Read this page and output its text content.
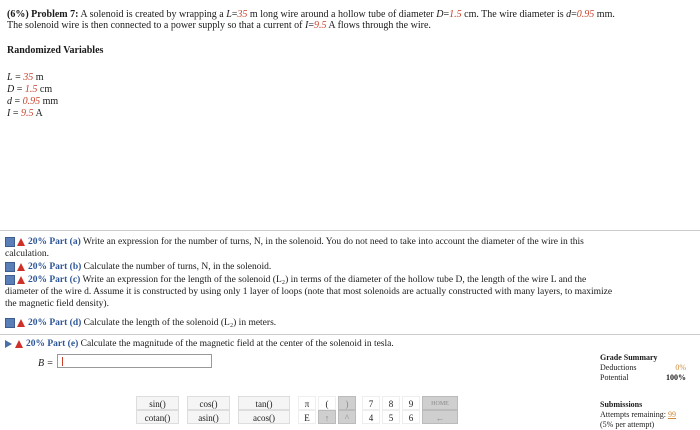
(6%) Problem 7: A solenoid is created by wrapping a L=35 m long wire around a hollow tube of diameter D=1.5 cm. The wire diameter is d=0.95 mm.
The solenoid wire is then connected to a power supply so that a current of I=9.5 A flows through the wire.
Randomized Variables
L = 35 m
D = 1.5 cm
d = 0.95 mm
I = 9.5 A
20% Part (a) Write an expression for the number of turns, N, in the solenoid. You do not need to take into account the diameter of the wire in this
calculation.
20% Part (b) Calculate the number of turns, N, in the solenoid.
20% Part (c) Write an expression for the length of the solenoid (L₂) in terms of the diameter of the hollow tube D, the length of the wire L and the
diameter of the wire d. Assume it is constructed by using only 1 layer of loops (note that most solenoids are actually constructed with many layers, to maximize
the magnetic field density).
20% Part (d) Calculate the length of the solenoid (L₂) in meters.
20% Part (e) Calculate the magnitude of the magnetic field at the center of the solenoid in tesla.
B =
sin()	cos()	tan()	π	(	)	7	8	9	HOME
cotan()	asin()	acos()	E	↑	^	4	5	6	←
Grade Summary
Deductions	0%
Potential	100%
Submissions
Attempts remaining: 99
(5% per attempt)
